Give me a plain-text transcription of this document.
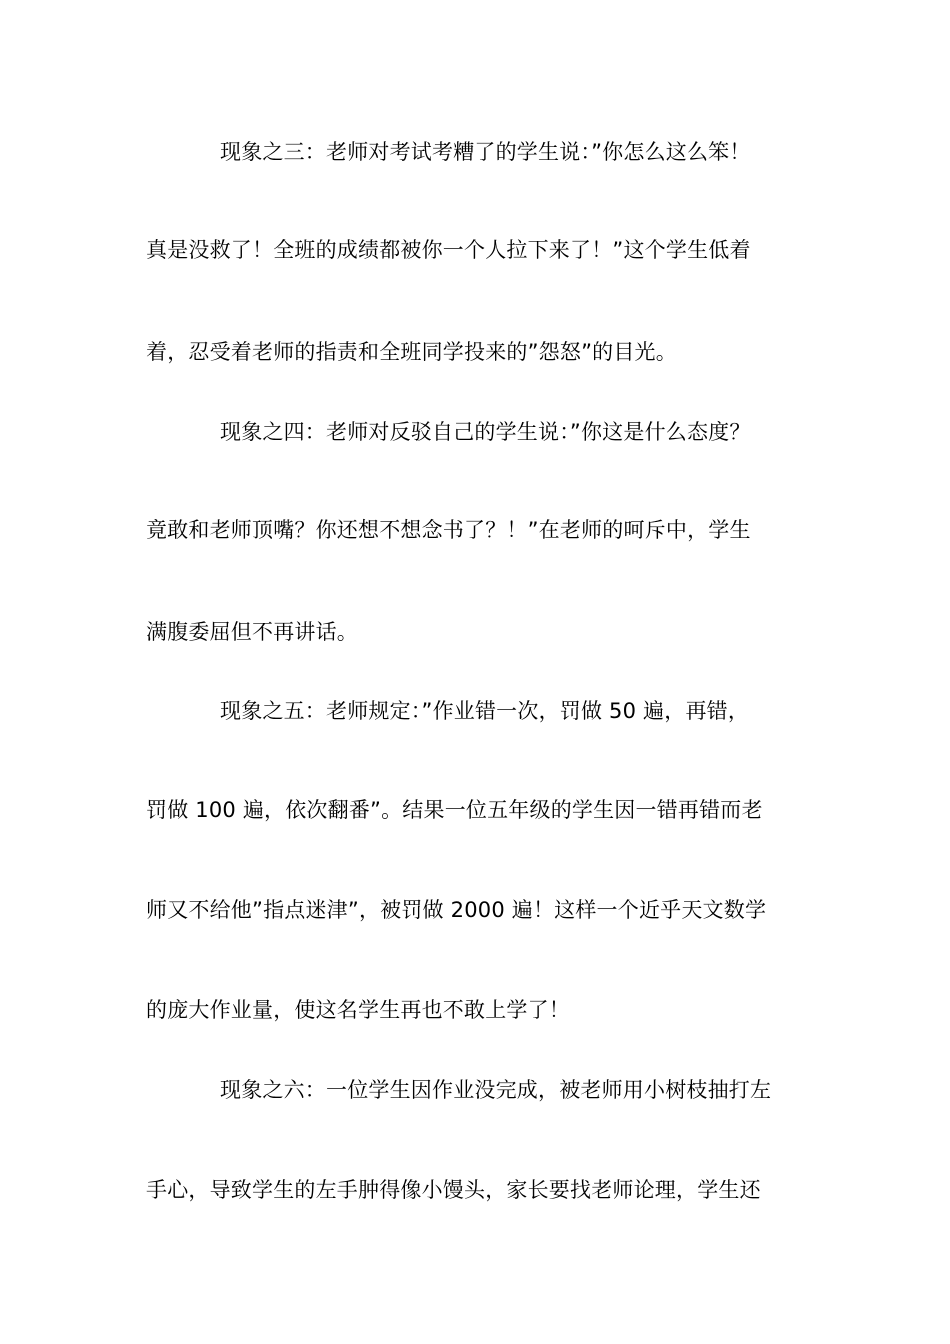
现象之三：老师对考试考糟了的学生说：”你怎么这么笨！
真是没救了！全班的成绩都被你一个人拉下来了！”这个学生低着
着，忍受着老师的指责和全班同学投来的”怨怒”的目光。
现象之四：老师对反驳自己的学生说：”你这是什么态度？
竟敢和老师顶嘴？你还想不想念书了？！”在老师的呵斥中，学生
满腹委屈但不再讲话。
现象之五：老师规定：”作业错一次，罚做 50 遍，再错，
罚做 100 遍，依次翻番”。结果一位五年级的学生因一错再错而老
师又不给他”指点迷津”，被罚做 2000 遍！这样一个近乎天文数学
的庞大作业量，使这名学生再也不敢上学了！
现象之六：一位学生因作业没完成，被老师用小树枝抽打左
手心，导致学生的左手肿得像小馒头，家长要找老师论理，学生还
